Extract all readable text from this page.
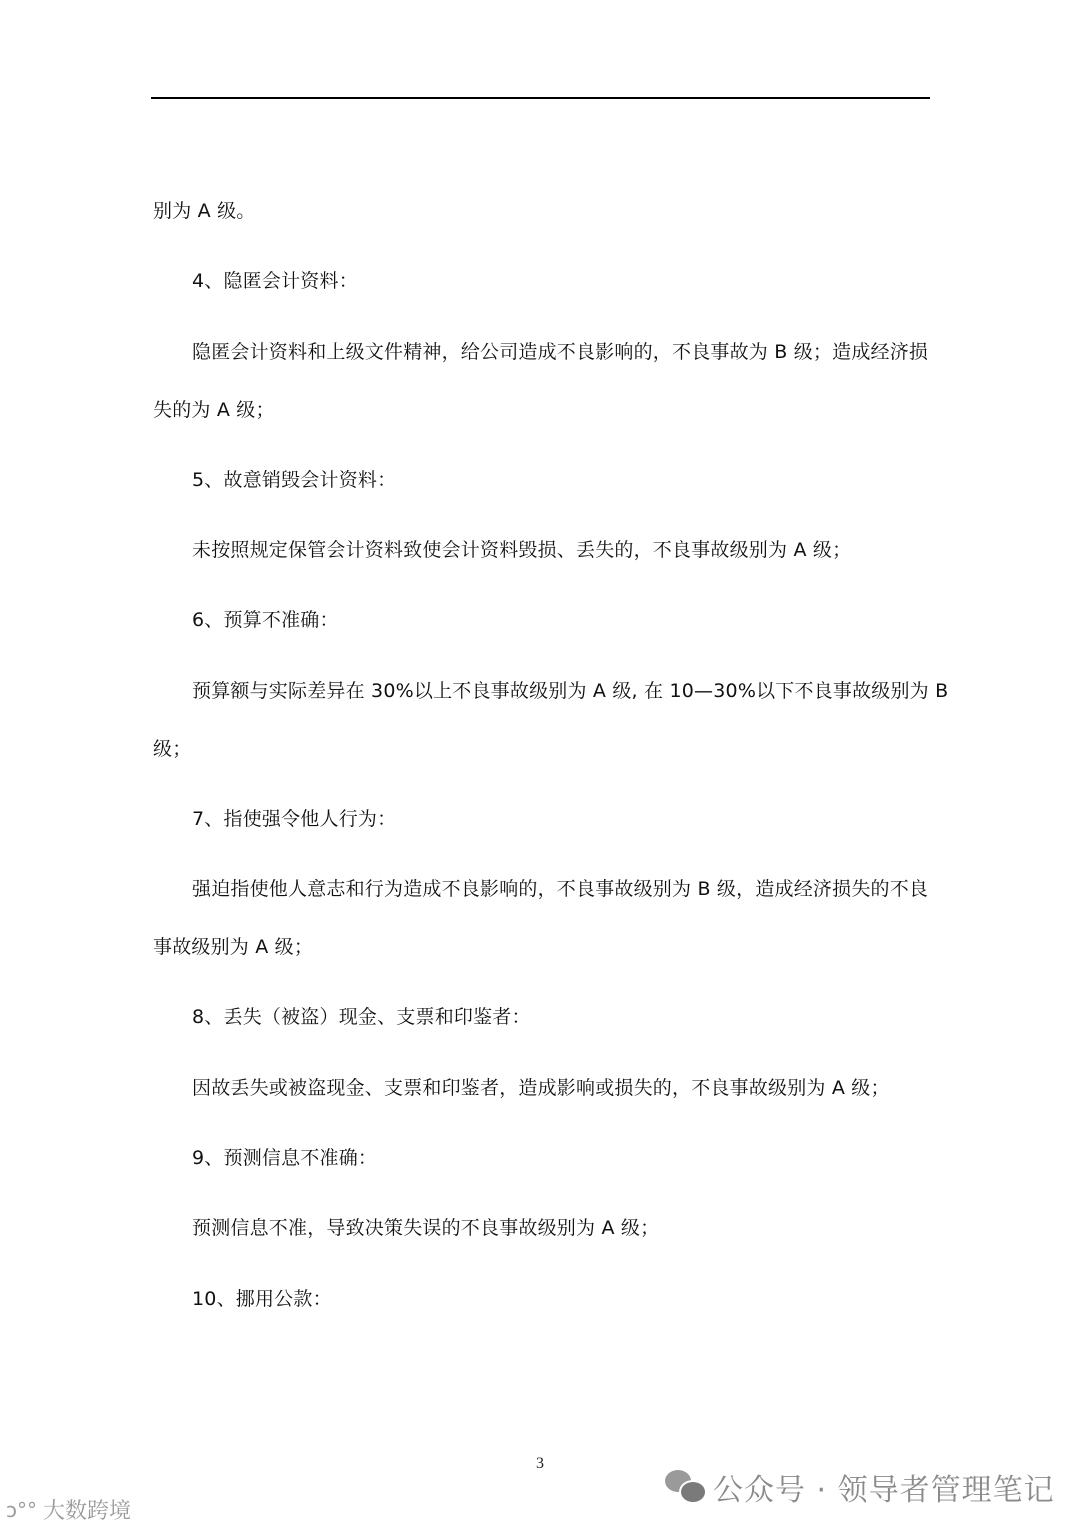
别为 A 级。
4、隐匿会计资料：
隐匿会计资料和上级文件精神，给公司造成不良影响的，不良事故为 B 级；造成经济损
失的为 A 级；
5、故意销毁会计资料：
未按照规定保管会计资料致使会计资料毁损、丢失的，不良事故级别为 A 级；
6、预算不准确：
预算额与实际差异在 30%以上不良事故级别为 A 级, 在 10—30%以下不良事故级别为 B
级；
7、指使强令他人行为：
强迫指使他人意志和行为造成不良影响的，不良事故级别为 B 级，造成经济损失的不良
事故级别为 A 级；
8、丢失（被盗）现金、支票和印鉴者：
因故丢失或被盗现金、支票和印鉴者，造成影响或损失的，不良事故级别为 A 级；
9、预测信息不准确：
预测信息不准，导致决策失误的不良事故级别为 A 级；
10、挪用公款：
3
公众号 · 领导者管理笔记
ↄ°° 大数跨境
